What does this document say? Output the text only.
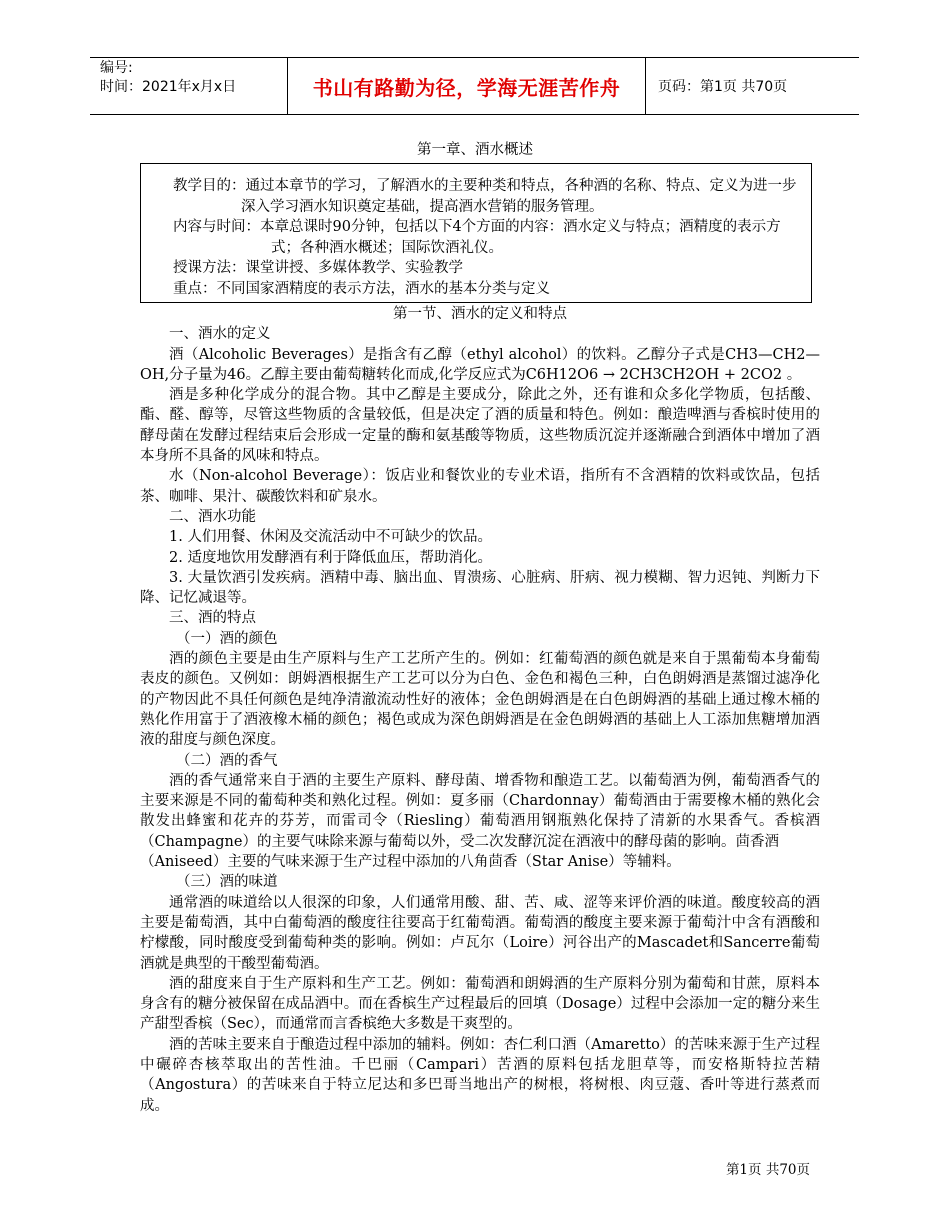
编号:
时间：2021年x月x日	书山有路勤为径，学海无涯苦作舟	页码：第1页 共70页
第一章、酒水概述

教学目的：通过本章节的学习，了解酒水的主要种类和特点，各种酒的名称、特点、定义为进一步深入学习酒水知识奠定基础，提高酒水营销的服务管理。

内容与时间：本章总课时90分钟，包括以下4个方面的内容：酒水定义与特点；酒精度的表示方式；各种酒水概述；国际饮酒礼仪。

授课方法：课堂讲授、多媒体教学、实验教学

重点：不同国家酒精度的表示方法，酒水的基本分类与定义

第一节、酒水的定义和特点

一、酒水的定义

酒（Alcoholic Beverages）是指含有乙醇（ethyl alcohol）的饮料。乙醇分子式是CH3—CH2—OH,分子量为46。乙醇主要由葡萄糖转化而成,化学反应式为C6H12O6 → 2CH3CH2OH + 2CO2 。

酒是多种化学成分的混合物。其中乙醇是主要成分，除此之外，还有谁和众多化学物质，包括酸、酯、醛、醇等，尽管这些物质的含量较低，但是决定了酒的质量和特色。例如：酿造啤酒与香槟时使用的酵母菌在发酵过程结束后会形成一定量的酶和氨基酸等物质，这些物质沉淀并逐渐融合到酒体中增加了酒本身所不具备的风味和特点。

水（Non-alcohol Beverage）：饭店业和餐饮业的专业术语，指所有不含酒精的饮料或饮品，包括茶、咖啡、果汁、碳酸饮料和矿泉水。

二、酒水功能

1. 人们用餐、休闲及交流活动中不可缺少的饮品。

2. 适度地饮用发酵酒有利于降低血压，帮助消化。

3. 大量饮酒引发疾病。酒精中毒、脑出血、胃溃疡、心脏病、肝病、视力模糊、智力迟钝、判断力下降、记忆减退等。

三、酒的特点

（一）酒的颜色

酒的颜色主要是由生产原料与生产工艺所产生的。例如：红葡萄酒的颜色就是来自于黑葡萄本身葡萄表皮的颜色。又例如：朗姆酒根据生产工艺可以分为白色、金色和褐色三种，白色朗姆酒是蒸馏过滤净化的产物因此不具任何颜色是纯净清澈流动性好的液体；金色朗姆酒是在白色朗姆酒的基础上通过橡木桶的熟化作用富于了酒液橡木桶的颜色；褐色或成为深色朗姆酒是在金色朗姆酒的基础上人工添加焦糖增加酒液的甜度与颜色深度。

（二）酒的香气

酒的香气通常来自于酒的主要生产原料、酵母菌、增香物和酿造工艺。以葡萄酒为例，葡萄酒香气的主要来源是不同的葡萄种类和熟化过程。例如：夏多丽（Chardonnay）葡萄酒由于需要橡木桶的熟化会散发出蜂蜜和花卉的芬芳，而雷司令（Riesling）葡萄酒用钢瓶熟化保持了清新的水果香气。香槟酒（Champagne）的主要气味除来源与葡萄以外，受二次发酵沉淀在酒液中的酵母菌的影响。茴香酒

（Aniseed）主要的气味来源于生产过程中添加的八角茴香（Star Anise）等辅料。

（三）酒的味道

通常酒的味道给以人很深的印象，人们通常用酸、甜、苦、咸、涩等来评价酒的味道。酸度较高的酒主要是葡萄酒，其中白葡萄酒的酸度往往要高于红葡萄酒。葡萄酒的酸度主要来源于葡萄汁中含有酒酸和柠檬酸，同时酸度受到葡萄种类的影响。例如：卢瓦尔（Loire）河谷出产的Mascadet和Sancerre葡萄酒就是典型的干酸型葡萄酒。

酒的甜度来自于生产原料和生产工艺。例如：葡萄酒和朗姆酒的生产原料分别为葡萄和甘蔗，原料本身含有的糖分被保留在成品酒中。而在香槟生产过程最后的回填（Dosage）过程中会添加一定的糖分来生产甜型香槟（Sec），而通常而言香槟绝大多数是干爽型的。

酒的苦味主要来自于酿造过程中添加的辅料。例如：杏仁利口酒（Amaretto）的苦味来源于生产过程中碾碎杏核萃取出的苦性油。千巴丽（Campari）苦酒的原料包括龙胆草等，而安格斯特拉苦精（Angostura）的苦味来自于特立尼达和多巴哥当地出产的树根，将树根、肉豆蔻、香叶等进行蒸煮而成。

第1页 共70页
